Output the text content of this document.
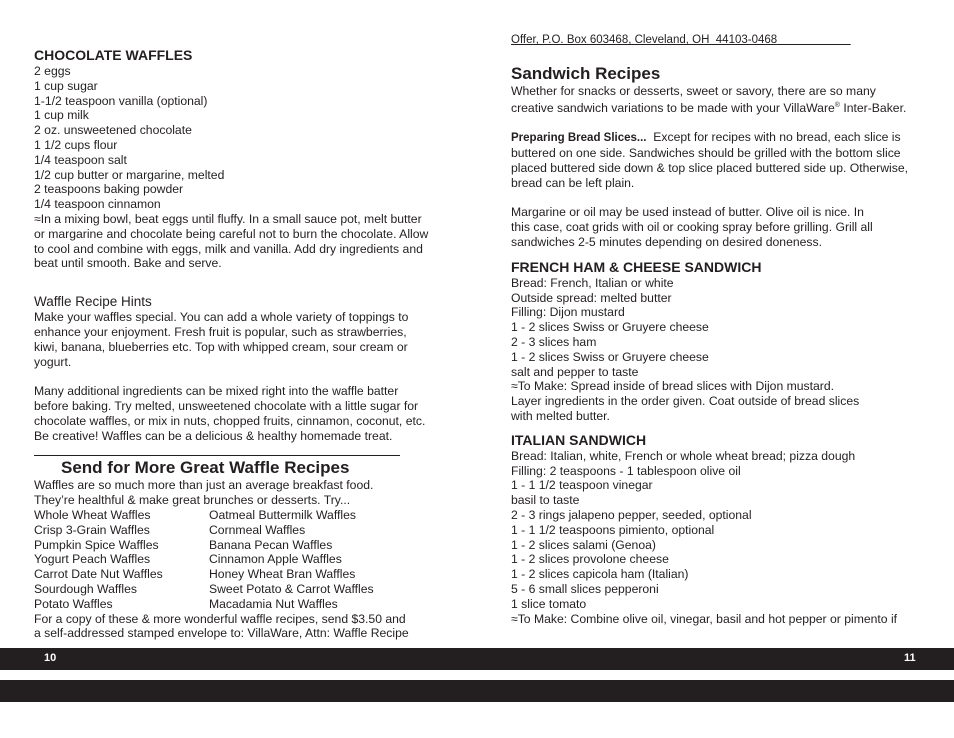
CHOCOLATE WAFFLES
2 eggs
1 cup sugar
1-1/2 teaspoon vanilla (optional)
1 cup milk
2 oz. unsweetened chocolate
1 1/2 cups flour
1/4 teaspoon salt
1/2 cup butter or margarine, melted
2 teaspoons baking powder
1/4 teaspoon cinnamon
≈In a mixing bowl, beat eggs until fluffy. In a small sauce pot, melt butter
or margarine and chocolate being careful not to burn the chocolate. Allow
to cool and combine with eggs, milk and vanilla. Add dry ingredients and
beat until smooth. Bake and serve.
Waffle Recipe Hints
Make your waffles special. You can add a whole variety of toppings to
enhance your enjoyment. Fresh fruit is popular, such as strawberries,
kiwi, banana, blueberries etc. Top with whipped cream, sour cream or
yogurt.
Many additional ingredients can be mixed right into the waffle batter
before baking. Try melted, unsweetened chocolate with a little sugar for
chocolate waffles, or mix in nuts, chopped fruits, cinnamon, coconut, etc.
Be creative! Waffles can be a delicious & healthy homemade treat.
Send for More Great Waffle Recipes
Waffles are so much more than just an average breakfast food.
They’re healthful & make great brunches or desserts. Try...
Whole Wheat Waffles	Oatmeal Buttermilk Waffles
Crisp 3-Grain Waffles	Cornmeal Waffles
Pumpkin Spice Waffles	Banana Pecan Waffles
Yogurt Peach Waffles	Cinnamon Apple Waffles
Carrot Date Nut Waffles	Honey Wheat Bran Waffles
Sourdough Waffles	Sweet Potato & Carrot Waffles
Potato Waffles	Macadamia Nut Waffles
For a copy of these & more wonderful waffle recipes, send $3.50 and
a self-addressed stamped envelope to: VillaWare, Attn: Waffle Recipe
Offer, P.O. Box 603468, Cleveland, OH  44103-0468
Sandwich Recipes
Whether for snacks or desserts, sweet or savory, there are so many
creative sandwich variations to be made with your VillaWare® Inter-Baker.
Preparing Bread Slices...  Except for recipes with no bread, each slice is
buttered on one side. Sandwiches should be grilled with the bottom slice
placed buttered side down & top slice placed buttered side up. Otherwise,
bread can be left plain.
Margarine or oil may be used instead of butter. Olive oil is nice. In
this case, coat grids with oil or cooking spray before grilling. Grill all
sandwiches 2-5 minutes depending on desired doneness.
FRENCH HAM & CHEESE SANDWICH
Bread: French, Italian or white
Outside spread: melted butter
Filling: Dijon mustard
1 - 2 slices Swiss or Gruyere cheese
2 - 3 slices ham
1 - 2 slices Swiss or Gruyere cheese
salt and pepper to taste
≈To Make: Spread inside of bread slices with Dijon mustard.
Layer ingredients in the order given. Coat outside of bread slices
with melted butter.
ITALIAN SANDWICH
Bread: Italian, white, French or whole wheat bread; pizza dough
Filling: 2 teaspoons - 1 tablespoon olive oil
1 - 1 1/2 teaspoon vinegar
basil to taste
2 - 3 rings jalapeno pepper, seeded, optional
1 - 1 1/2 teaspoons pimiento, optional
1 - 2 slices salami (Genoa)
1 - 2 slices provolone cheese
1 - 2 slices capicola ham (Italian)
5 - 6 small slices pepperoni
1 slice tomato
≈To Make: Combine olive oil, vinegar, basil and hot pepper or pimento if
10	11
